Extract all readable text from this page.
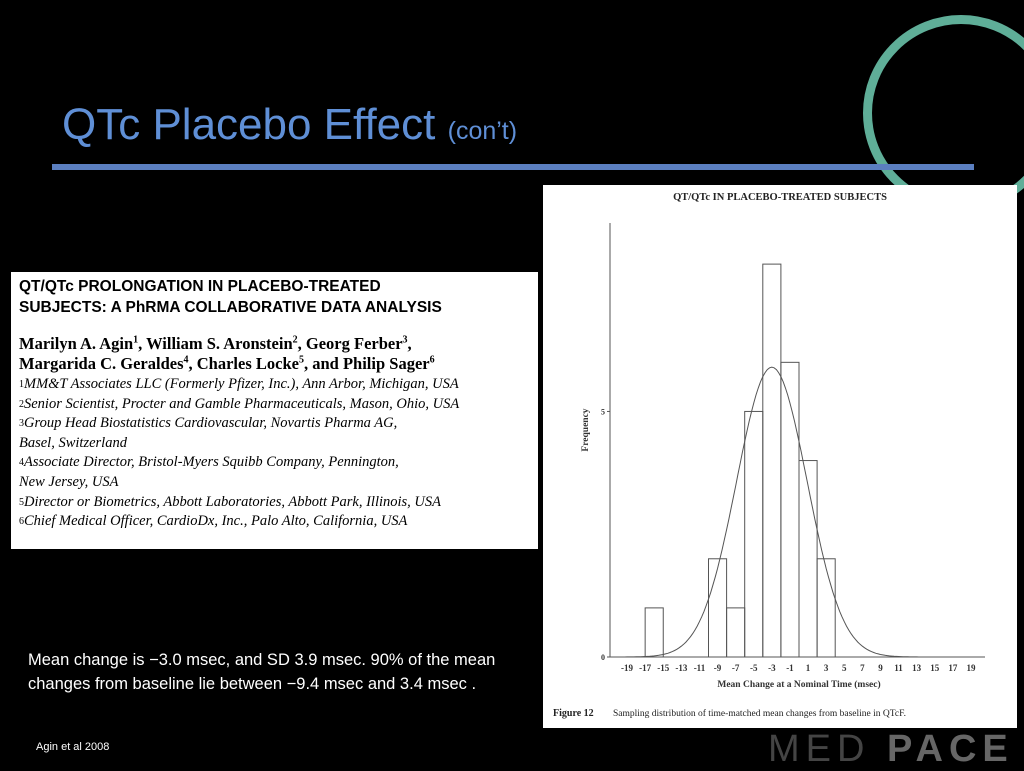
QTc Placebo Effect (con’t)
QT/QTc PROLONGATION IN PLACEBO-TREATED
SUBJECTS: A PhRMA COLLABORATIVE DATA ANALYSIS
Marilyn A. Agin$^1$, William S. Aronstein$^2$, Georg Ferber$^3$,
Margarida C. Geraldes$^4$, Charles Locke$^5$, and Philip Sager$^6$
$^1$MM&T Associates LLC (Formerly Pfizer, Inc.), Ann Arbor, Michigan, USA
$^2$Senior Scientist, Procter and Gamble Pharmaceuticals, Mason, Ohio, USA
$^3$Group Head Biostatistics Cardiovascular, Novartis Pharma AG,
Basel, Switzerland
$^4$Associate Director, Bristol-Myers Squibb Company, Pennington,
New Jersey, USA
$^5$Director or Biometrics, Abbott Laboratories, Abbott Park, Illinois, USA
$^6$Chief Medical Officer, CardioDx, Inc., Palo Alto, California, USA
QT/QTc IN PLACEBO-TREATED SUBJECTS
0
5
Frequency
-19 -17 -15 -13 -11 -9 -7 -5 -3 -1 1 3 5 7 9 11 13 15 17 19
Mean Change at a Nominal Time (msec)
Figure 12 Sampling distribution of time-matched mean changes from baseline in QTcF.
Mean change is −3.0 msec, and SD 3.9 msec. 90% of the mean changes from baseline lie between −9.4 msec and 3.4 msec .
Agin et al 2008	MED PACE
